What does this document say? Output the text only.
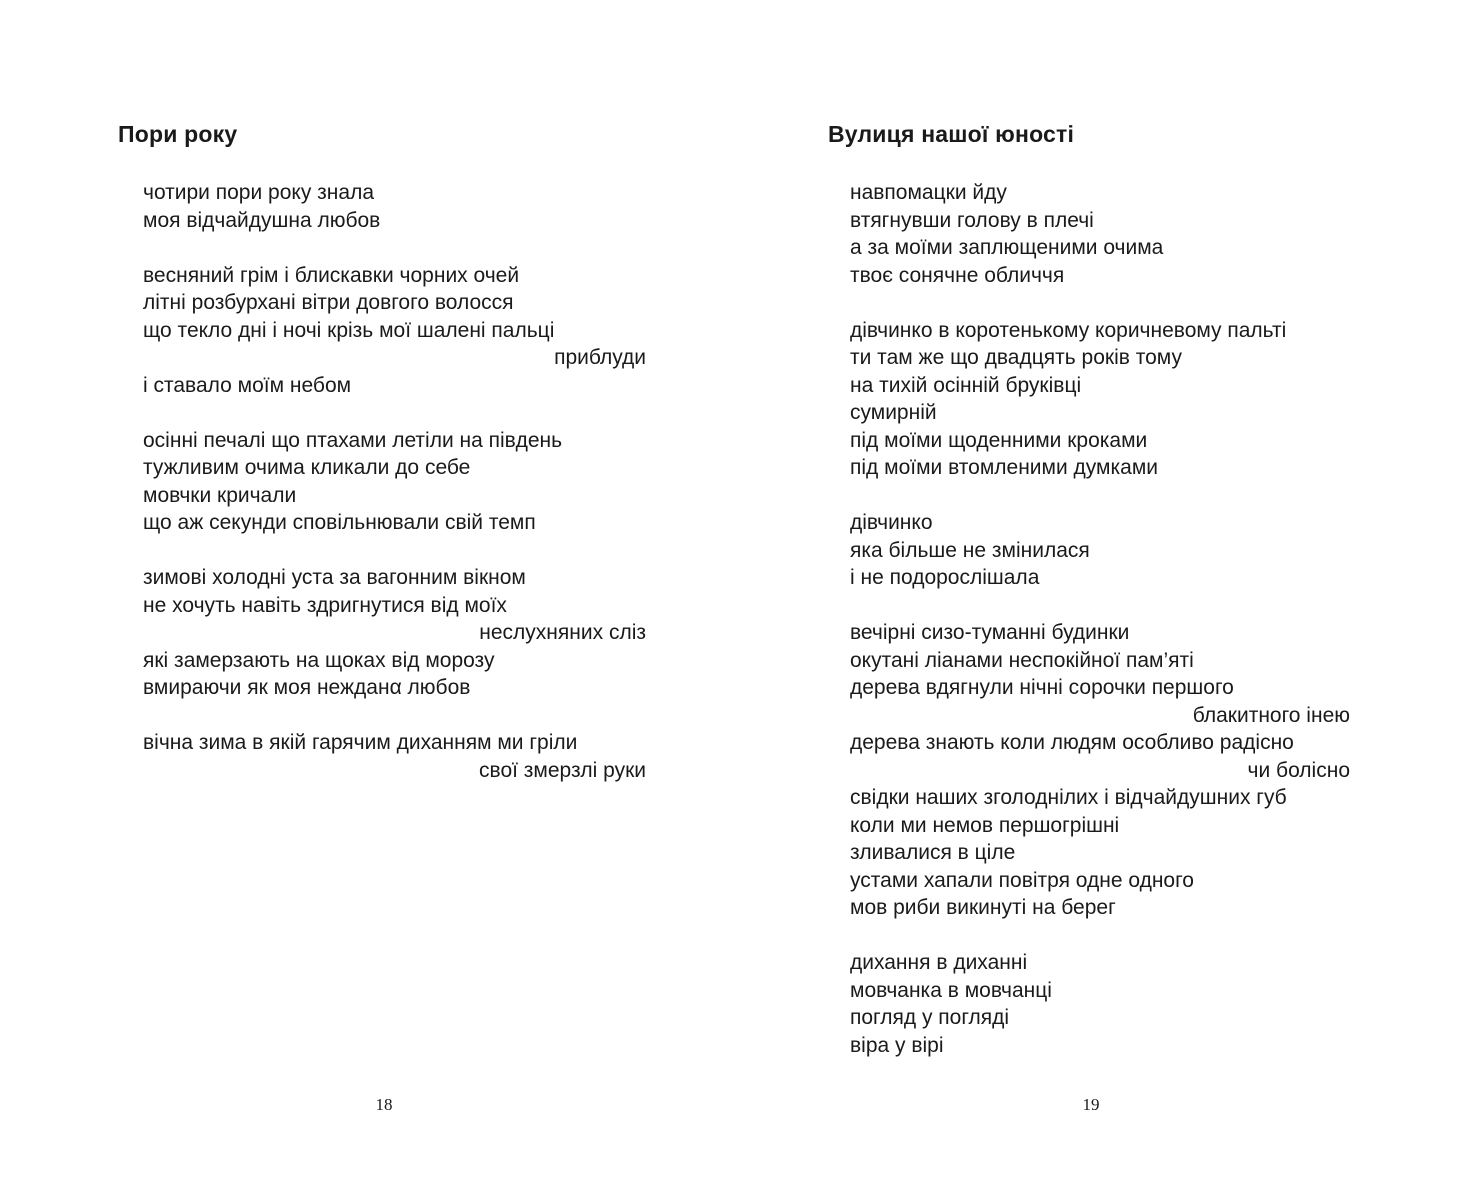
Пори року
чотири пори року знала
моя відчайдушна любов
весняний грім і блискавки чорних очей
літні розбурхані вітри довгого волосся
що текло дні і ночі крізь мої шалені пальці
приблуди
і ставало моїм небом
осінні печалі що птахами летіли на південь
тужливим очима кликали до себе
мовчки кричали
що аж секунди сповільнювали свій темп
зимові холодні уста за вагонним вікном
не хочуть навіть здригнутися від моїх
неслухняних сліз
які замерзають на щоках від морозу
вмираючи як моя нежданα любов
вічна зима в якій гарячим диханням ми гріли
свої змерзлі руки
18
Вулиця нашої юності
навпомацки йду
втягнувши голову в плечі
а за моїми заплющеними очима
твоє сонячне обличчя
дівчинко в коротенькому коричневому пальті
ти там же що двадцять років тому
на тихій осінній бруківці
сумирній
під моїми щоденними кроками
під моїми втомленими думками
дівчинко
яка більше не змінилася
і не подорослішала
вечірні сизо-туманні будинки
окутані ліанами неспокійної пам’яті
дерева вдягнули нічні сорочки першого
блакитного інею
дерева знають коли людям особливо радісно
чи болісно
свідки наших зголоднілих і відчайдушних губ
коли ми немов першогрішні
зливалися в ціле
устами хапали повітря одне одного
мов риби викинуті на берег
дихання в диханні
мовчанка в мовчанці
погляд у погляді
віра у вірі
19
